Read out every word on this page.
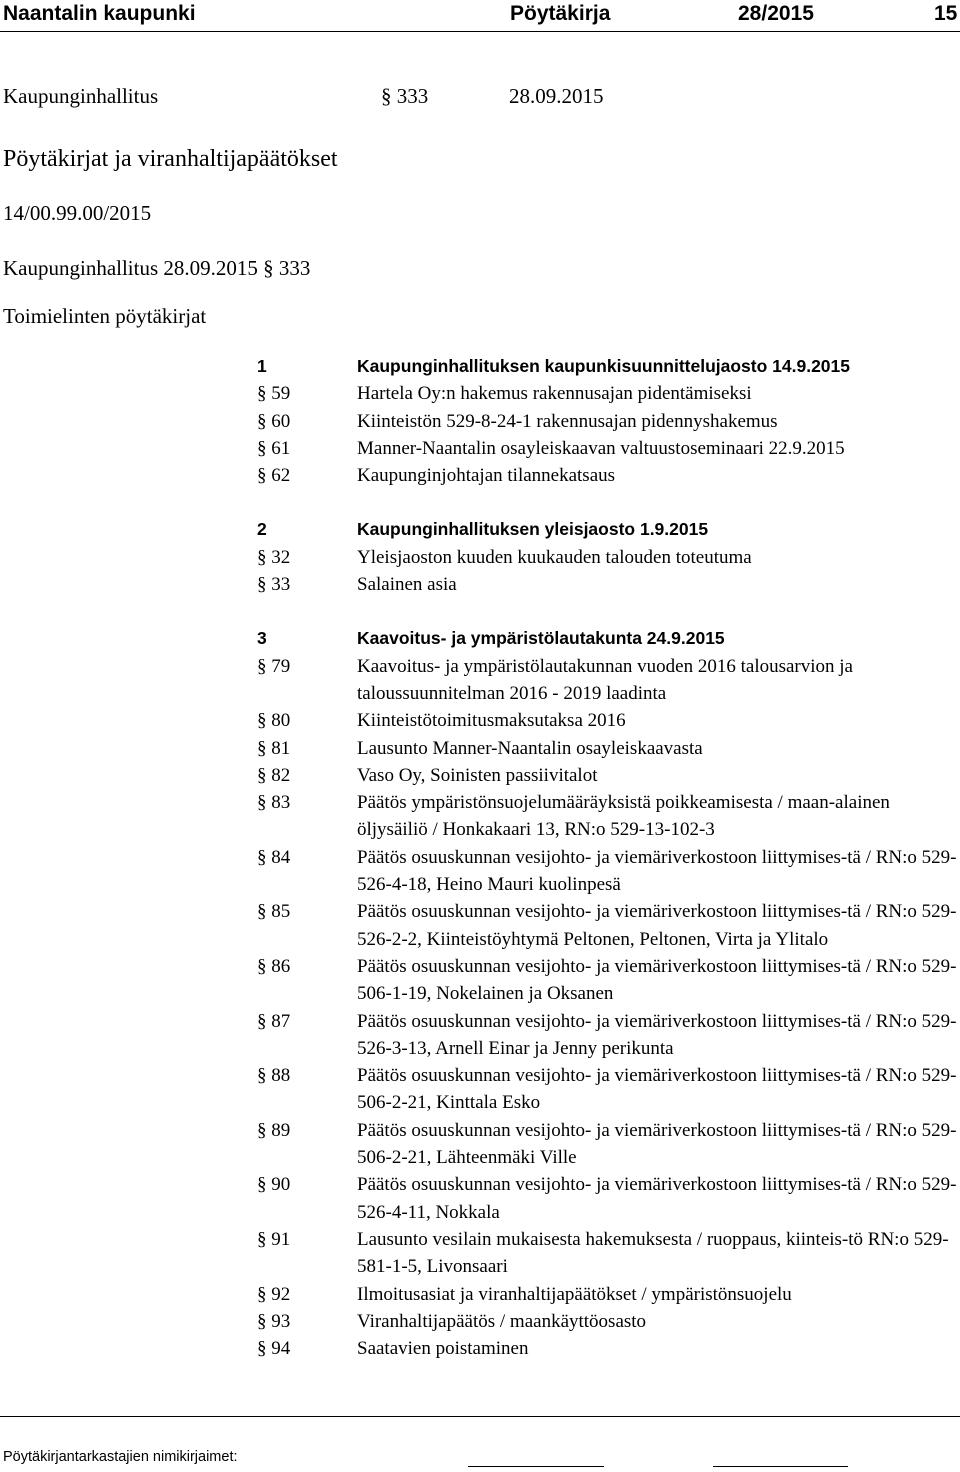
Naantalin kaupunki	Pöytäkirja	28/2015	15
Kaupunginhallitus	§ 333	28.09.2015
Pöytäkirjat ja viranhaltijapäätökset
14/00.99.00/2015
Kaupunginhallitus 28.09.2015 § 333
Toimielinten pöytäkirjat
1	Kaupunginhallituksen kaupunkisuunnittelujaosto 14.9.2015
§ 59	Hartela Oy:n hakemus rakennusajan pidentämiseksi
§ 60	Kiinteistön 529-8-24-1 rakennusajan pidennyshakemus
§ 61	Manner-Naantalin osayleiskaavan valtuustoseminaari 22.9.2015
§ 62	Kaupunginjohtajan tilannekatsaus
2	Kaupunginhallituksen yleisjaosto 1.9.2015
§ 32	Yleisjaoston kuuden kuukauden talouden toteutuma
§ 33	Salainen asia
3	Kaavoitus- ja ympäristölautakunta 24.9.2015
§ 79	Kaavoitus- ja ympäristölautakunnan vuoden 2016 talousarvion ja taloussuunnitelman 2016 - 2019 laadinta
§ 80	Kiinteistötoimitusmaksutaksa 2016
§ 81	Lausunto Manner-Naantalin osayleiskaavasta
§ 82	Vaso Oy, Soinisten passiivitalot
§ 83	Päätös ympäristönsuojelumääräyksistä poikkeamisesta / maan-alainen öljysäiliö / Honkakaari 13, RN:o 529-13-102-3
§ 84	Päätös osuuskunnan vesijohto- ja viemäriverkostoon liittymises-tä / RN:o 529-526-4-18, Heino Mauri kuolinpesä
§ 85	Päätös osuuskunnan vesijohto- ja viemäriverkostoon liittymises-tä / RN:o 529-526-2-2, Kiinteistöyhtymä Peltonen, Peltonen, Virta ja Ylitalo
§ 86	Päätös osuuskunnan vesijohto- ja viemäriverkostoon liittymises-tä / RN:o 529-506-1-19, Nokelainen ja Oksanen
§ 87	Päätös osuuskunnan vesijohto- ja viemäriverkostoon liittymises-tä / RN:o 529-526-3-13, Arnell Einar ja Jenny perikunta
§ 88	Päätös osuuskunnan vesijohto- ja viemäriverkostoon liittymises-tä / RN:o 529-506-2-21, Kinttala Esko
§ 89	Päätös osuuskunnan vesijohto- ja viemäriverkostoon liittymises-tä / RN:o 529-506-2-21, Lähteenmäki Ville
§ 90	Päätös osuuskunnan vesijohto- ja viemäriverkostoon liittymises-tä / RN:o 529-526-4-11, Nokkala
§ 91	Lausunto vesilain mukaisesta hakemuksesta / ruoppaus, kiinteis-tö RN:o 529-581-1-5, Livonsaari
§ 92	Ilmoitusasiat ja viranhaltijapäätökset / ympäristönsuojelu
§ 93	Viranhaltijapäätös / maankäyttöosasto
§ 94	Saatavien poistaminen
Pöytäkirjantarkastajien nimikirjaimet:
